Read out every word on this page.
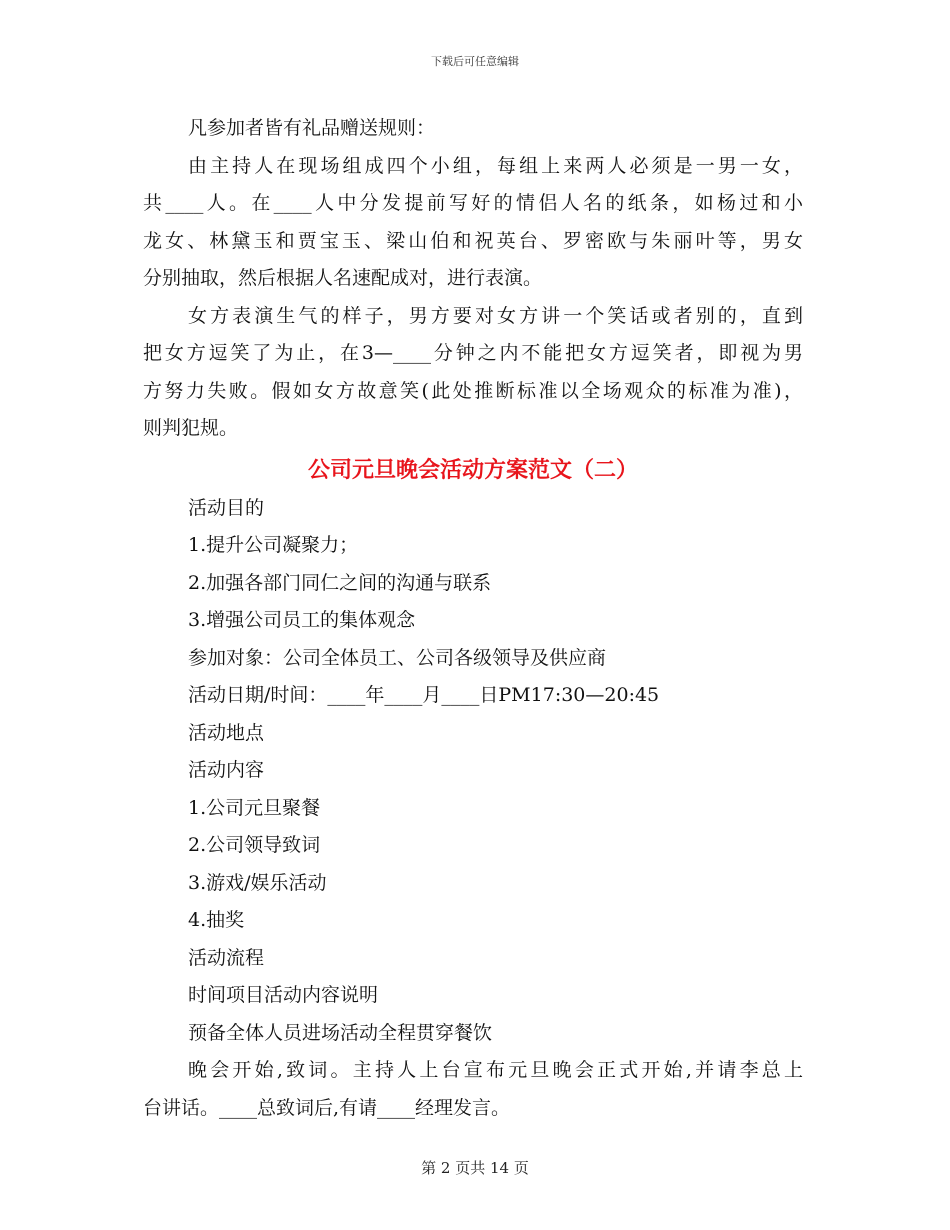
下载后可任意编辑

凡参加者皆有礼品赠送规则：

由主持人在现场组成四个小组，每组上来两人必须是一男一女，

共____人。在____人中分发提前写好的情侣人名的纸条，如杨过和小

龙女、林黛玉和贾宝玉、梁山伯和祝英台、罗密欧与朱丽叶等，男女

分别抽取，然后根据人名速配成对，进行表演。

女方表演生气的样子，男方要对女方讲一个笑话或者别的，直到

把女方逗笑了为止，在3—____分钟之内不能把女方逗笑者，即视为男

方努力失败。假如女方故意笑(此处推断标准以全场观众的标准为准)，

则判犯规。

公司元旦晚会活动方案范文（二）

活动目的

1.提升公司凝聚力；

2.加强各部门同仁之间的沟通与联系

3.增强公司员工的集体观念

参加对象：公司全体员工、公司各级领导及供应商

活动日期/时间：____年____月____日PM17:30—20:45

活动地点

活动内容

1.公司元旦聚餐

2.公司领导致词

3.游戏/娱乐活动

4.抽奖

活动流程

时间项目活动内容说明

预备全体人员进场活动全程贯穿餐饮

晚会开始,致词。主持人上台宣布元旦晚会正式开始,并请李总上

台讲话。____总致词后,有请____经理发言。

第 2 页共 14 页
